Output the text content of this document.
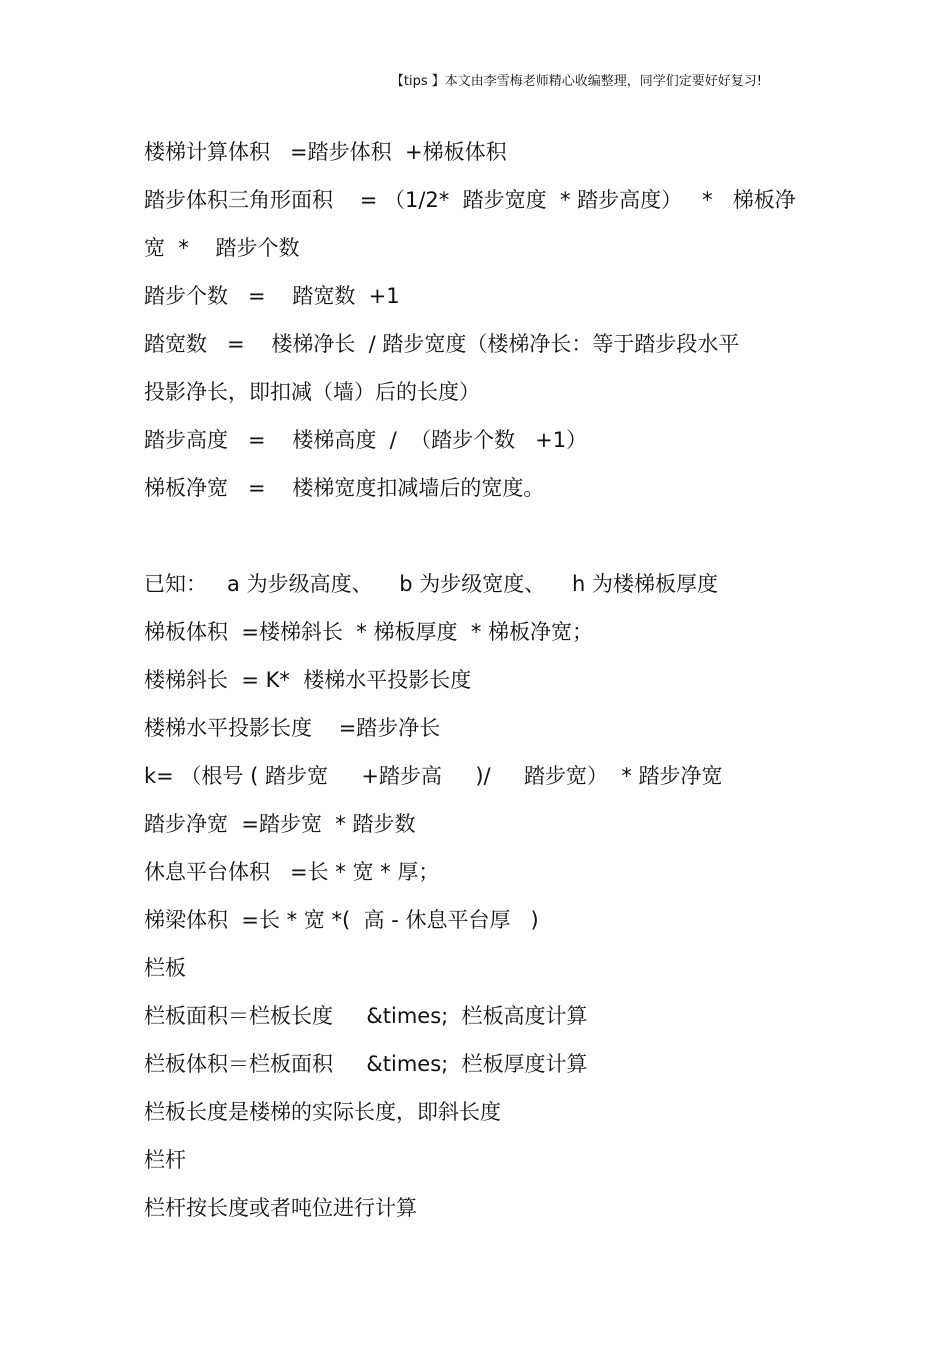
【tips 】本文由李雪梅老师精心收编整理，同学们定要好好复习!
楼梯计算体积   =踏步体积  +梯板体积
踏步体积三角形面积    = （1/2*  踏步宽度  * 踏步高度）   *   梯板净
宽  *    踏步个数
踏步个数   =    踏宽数  +1
踏宽数   =    楼梯净长  / 踏步宽度（楼梯净长：等于踏步段水平
投影净长，即扣减（墙）后的长度）
踏步高度   =    楼梯高度  /  （踏步个数   +1）
梯板净宽   =    楼梯宽度扣减墙后的宽度。
已知：   a 为步级高度、    b 为步级宽度、    h 为楼梯板厚度
梯板体积  =楼梯斜长  * 梯板厚度  * 梯板净宽；
楼梯斜长  = K*  楼梯水平投影长度
楼梯水平投影长度    =踏步净长
k= （根号 ( 踏步宽     +踏步高     )/     踏步宽）  * 踏步净宽
踏步净宽  =踏步宽  * 踏步数
休息平台体积   =长 * 宽 * 厚；
梯梁体积  =长 * 宽 *(  高 - 休息平台厚   )
栏板
栏板面积＝栏板长度     &times;  栏板高度计算
栏板体积＝栏板面积     &times;  栏板厚度计算
栏板长度是楼梯的实际长度，即斜长度
栏杆
栏杆按长度或者吨位进行计算
